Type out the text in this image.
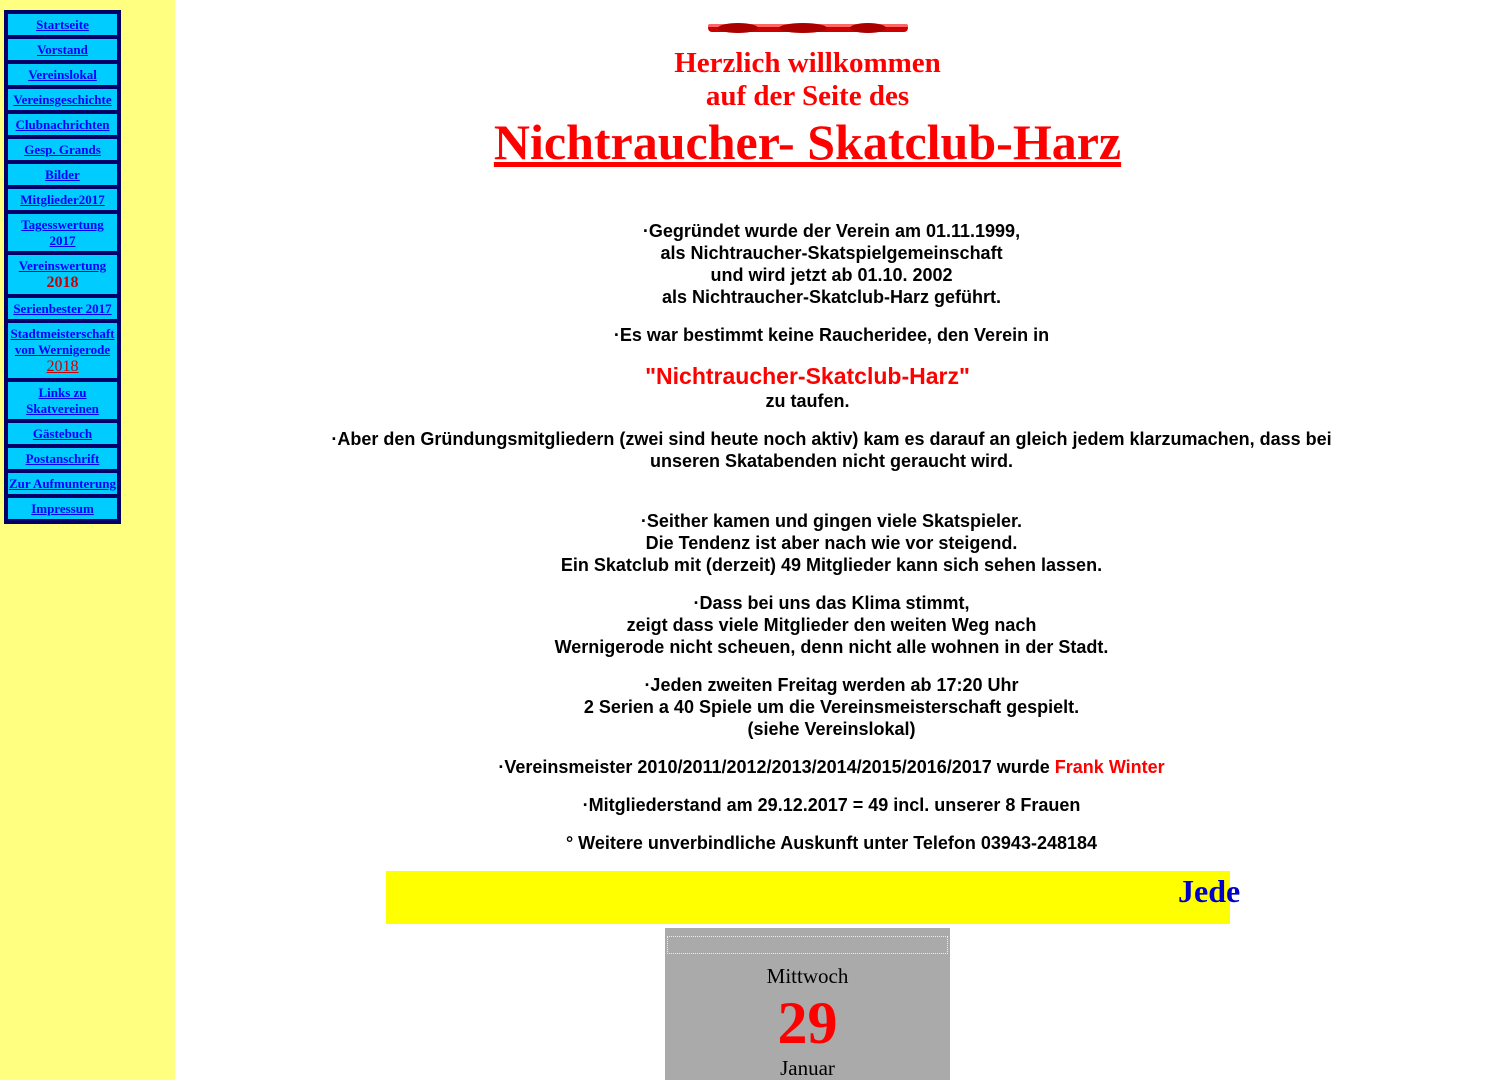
Startseite
Vorstand
Vereinslokal
Vereinsgeschichte
Clubnachrichten
Gesp. Grands
Bilder
Mitglieder2017
Tagesswertung 2017
Vereinswertung
2018
Serienbester 2017
Stadtmeisterschaft von Wernigerode
2018
Links zu Skatvereinen
Gästebuch
Postanschrift
Zur Aufmunterung
Impressum
Herzlich willkommen
auf der Seite des
Nichtraucher- Skatclub-Harz
·Gegründet wurde der Verein am 01.11.1999,
als Nichtraucher-Skatspielgemeinschaft
und wird jetzt ab 01.10. 2002
als Nichtraucher-Skatclub-Harz geführt.
·Es war bestimmt keine Raucheridee, den Verein in
"Nichtraucher-Skatclub-Harz"
zu taufen.
·Aber den Gründungsmitgliedern (zwei sind heute noch aktiv) kam es darauf an gleich jedem klarzumachen, dass bei
unseren Skatabenden nicht geraucht wird.
·Seither kamen und gingen viele Skatspieler.
Die Tendenz ist aber nach wie vor steigend.
Ein Skatclub mit (derzeit) 49 Mitglieder kann sich sehen lassen.
·Dass bei uns das Klima stimmt,
zeigt dass viele Mitglieder den weiten Weg nach
Wernigerode nicht scheuen, denn nicht alle wohnen in der Stadt.
·Jeden zweiten Freitag werden ab 17:20 Uhr
2 Serien a 40 Spiele um die Vereinsmeisterschaft gespielt.
(siehe Vereinslokal)
·Vereinsmeister 2010/2011/2012/2013/2014/2015/2016/2017 wurde Frank Winter
·Mitgliederstand am 29.12.2017 = 49 incl. unserer 8 Frauen
° Weitere unverbindliche Auskunft unter Telefon 03943-248184
Jede
Mittwoch
29
Januar
